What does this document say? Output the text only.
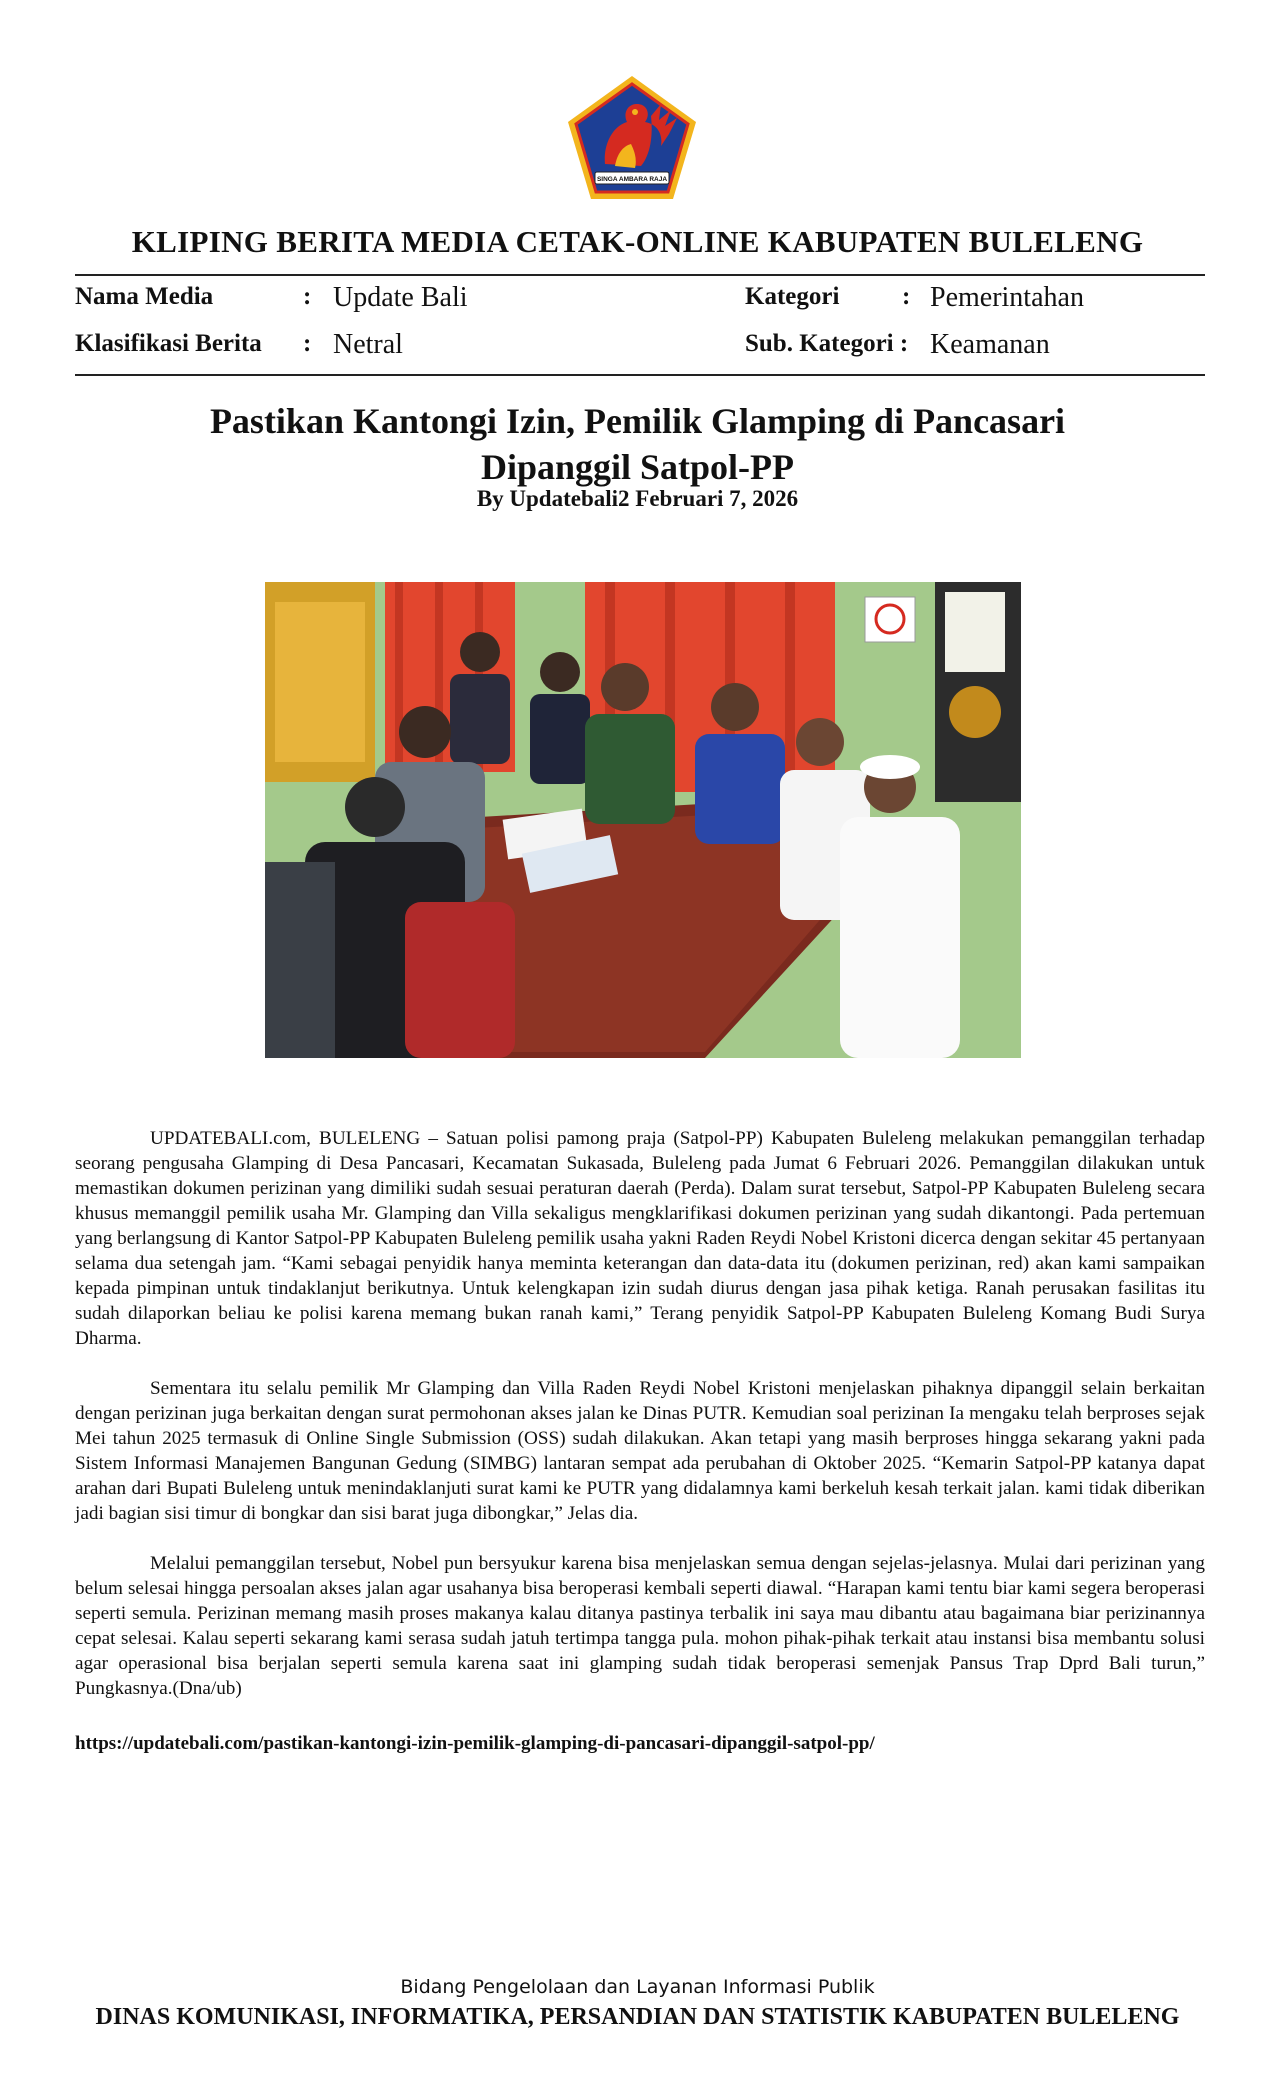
SINGA AMBARA RAJA
KLIPING BERITA MEDIA CETAK-ONLINE KABUPATEN BULELENG
Nama Media	: Update Bali	Kategori	: Pemerintahan
Klasifikasi Berita : Netral	Sub. Kategori : Keamanan
Pastikan Kantongi Izin, Pemilik Glamping di Pancasari
Dipanggil Satpol-PP
By Updatebali2 Februari 7, 2026

UPDATEBALI.com, BULELENG – Satuan polisi pamong praja (Satpol-PP) Kabupaten Buleleng melakukan pemanggilan terhadap seorang pengusaha Glamping di Desa Pancasari, Kecamatan Sukasada, Buleleng pada Jumat 6 Februari 2026. Pemanggilan dilakukan untuk memastikan dokumen perizinan yang dimiliki sudah sesuai peraturan daerah (Perda). Dalam surat tersebut, Satpol-PP Kabupaten Buleleng secara khusus memanggil pemilik usaha Mr. Glamping dan Villa sekaligus mengklarifikasi dokumen perizinan yang sudah dikantongi. Pada pertemuan yang berlangsung di Kantor Satpol-PP Kabupaten Buleleng pemilik usaha yakni Raden Reydi Nobel Kristoni dicerca dengan sekitar 45 pertanyaan selama dua setengah jam. “Kami sebagai penyidik hanya meminta keterangan dan data-data itu (dokumen perizinan, red) akan kami sampaikan kepada pimpinan untuk tindaklanjut berikutnya. Untuk kelengkapan izin sudah diurus dengan jasa pihak ketiga. Ranah perusakan fasilitas itu sudah dilaporkan beliau ke polisi karena memang bukan ranah kami,” Terang penyidik Satpol-PP Kabupaten Buleleng Komang Budi Surya Dharma.

Sementara itu selalu pemilik Mr Glamping dan Villa Raden Reydi Nobel Kristoni menjelaskan pihaknya dipanggil selain berkaitan dengan perizinan juga berkaitan dengan surat permohonan akses jalan ke Dinas PUTR. Kemudian soal perizinan Ia mengaku telah berproses sejak Mei tahun 2025 termasuk di Online Single Submission (OSS) sudah dilakukan. Akan tetapi yang masih berproses hingga sekarang yakni pada Sistem Informasi Manajemen Bangunan Gedung (SIMBG) lantaran sempat ada perubahan di Oktober 2025. “Kemarin Satpol-PP katanya dapat arahan dari Bupati Buleleng untuk menindaklanjuti surat kami ke PUTR yang didalamnya kami berkeluh kesah terkait jalan. kami tidak diberikan jadi bagian sisi timur di bongkar dan sisi barat juga dibongkar,” Jelas dia.

Melalui pemanggilan tersebut, Nobel pun bersyukur karena bisa menjelaskan semua dengan sejelas-jelasnya. Mulai dari perizinan yang belum selesai hingga persoalan akses jalan agar usahanya bisa beroperasi kembali seperti diawal. “Harapan kami tentu biar kami segera beroperasi seperti semula. Perizinan memang masih proses makanya kalau ditanya pastinya terbalik ini saya mau dibantu atau bagaimana biar perizinannya cepat selesai. Kalau seperti sekarang kami serasa sudah jatuh tertimpa tangga pula. mohon pihak-pihak terkait atau instansi bisa membantu solusi agar operasional bisa berjalan seperti semula karena saat ini glamping sudah tidak beroperasi semenjak Pansus Trap Dprd Bali turun,” Pungkasnya.(Dna/ub)

https://updatebali.com/pastikan-kantongi-izin-pemilik-glamping-di-pancasari-dipanggil-satpol-pp/
Bidang Pengelolaan dan Layanan Informasi Publik
DINAS KOMUNIKASI, INFORMATIKA, PERSANDIAN DAN STATISTIK KABUPATEN BULELENG
